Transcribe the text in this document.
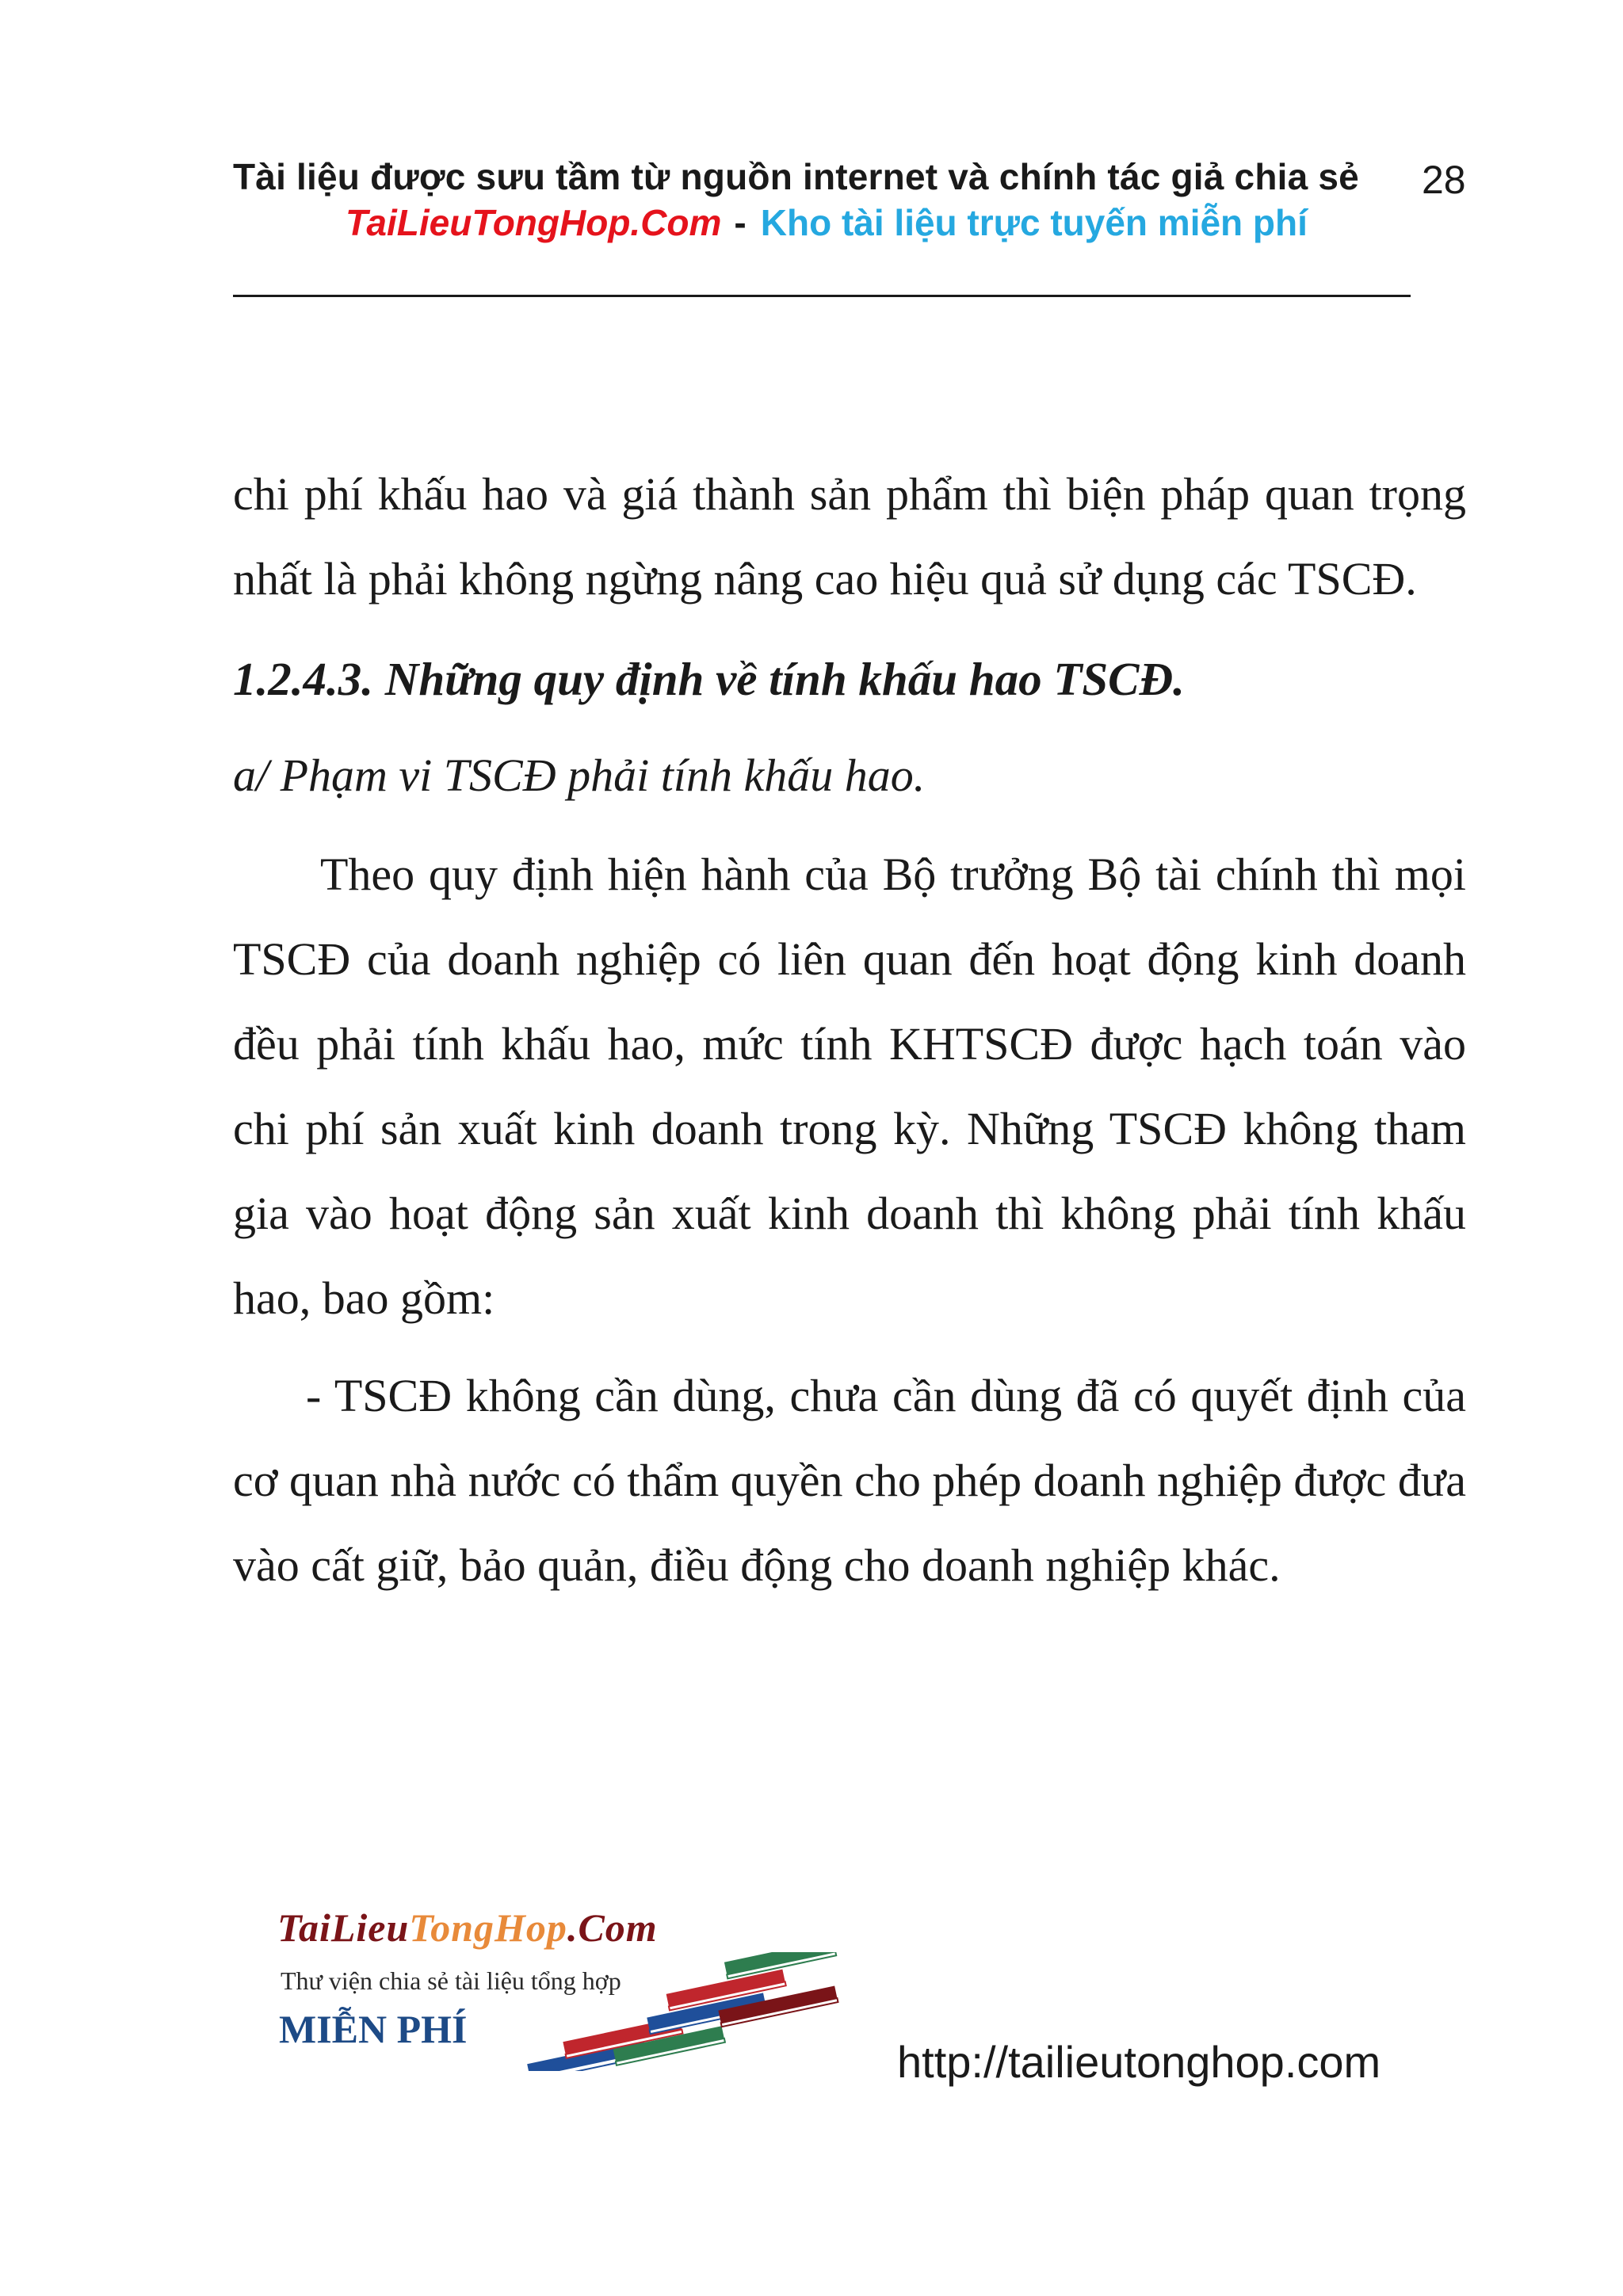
Tài liệu được sưu tầm từ nguồn internet và chính tác giả chia sẻ 28
TaiLieuTongHop.Com - Kho tài liệu trực tuyến miễn phí

chi phí khấu hao và giá thành sản phẩm thì biện pháp quan trọng nhất là phải không ngừng nâng cao hiệu quả sử dụng các TSCĐ.

1.2.4.3. Những quy định về tính khấu hao TSCĐ.

a/ Phạm vi TSCĐ phải tính khấu hao.

Theo quy định hiện hành của Bộ trưởng Bộ tài chính thì mọi TSCĐ của doanh nghiệp có liên quan đến hoạt động kinh doanh đều phải tính khấu hao, mức tính KHTSCĐ được hạch toán vào chi phí sản xuất kinh doanh trong kỳ. Những TSCĐ không tham gia vào hoạt động sản xuất kinh doanh thì không phải tính khấu hao, bao gồm:

- TSCĐ không cần dùng, chưa cần dùng đã có quyết định của cơ quan nhà nước có thẩm quyền cho phép doanh nghiệp được đưa vào cất giữ, bảo quản, điều động cho doanh nghiệp khác.

TaiLieuTongHop.Com
Thư viện chia sẻ tài liệu tổng hợp
MIỄN PHÍ
http://tailieutonghop.com
